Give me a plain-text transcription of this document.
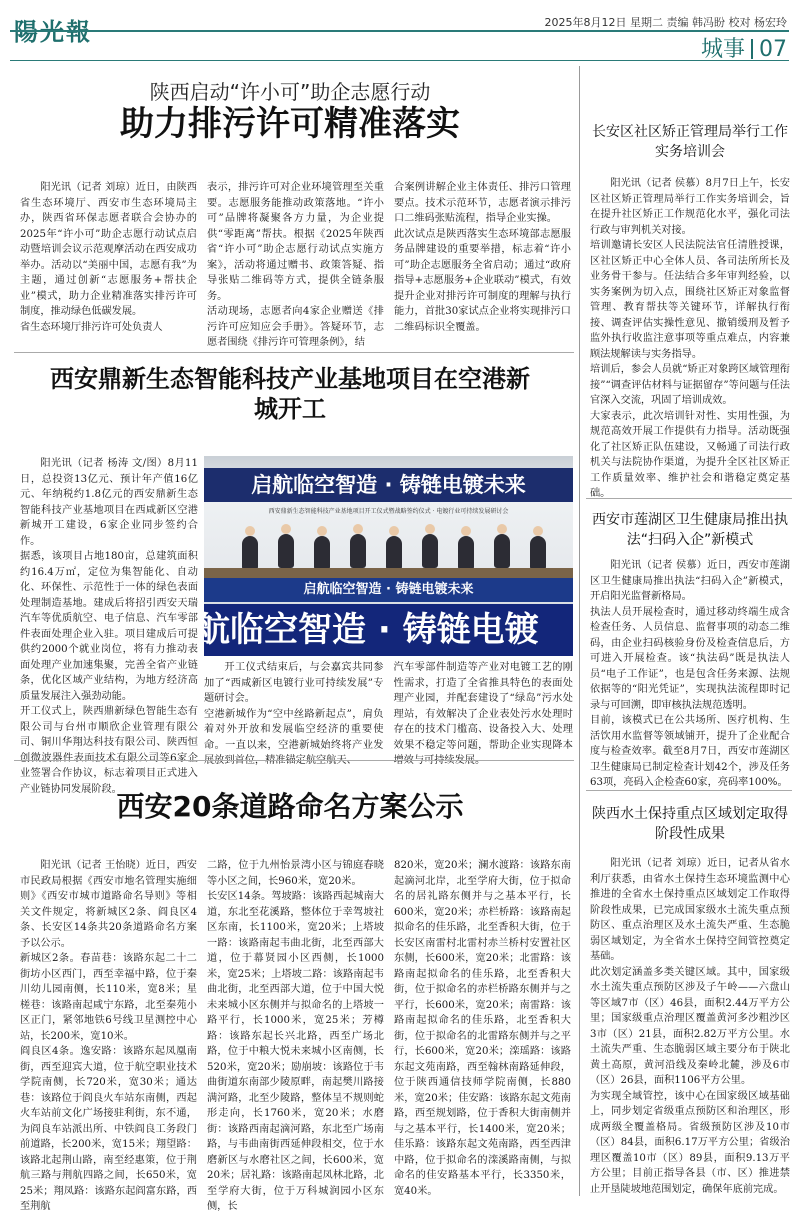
陽光報	2025年8月12日 星期二 责编 韩冯盼 校对 杨宏玲
城事 07
陕西启动“许小可”助企志愿行动
助力排污许可精准落实

阳光讯（记者 刘琼）近日，由陕西省生态环境厅、西安市生态环境局主办，陕西省环保志愿者联合会协办的2025年“许小可”助企志愿行动试点启动暨培训会议示范观摩活动在西安成功举办。活动以“美丽中国，志愿有我”为主题，通过创新“志愿服务+帮扶企业”模式，助力企业精准落实排污许可制度，推动绿色低碳发展。
省生态环境厅排污许可处负责人

表示，排污许可对企业环境管理至关重要。志愿服务能推动政策落地。“许小可”品牌将凝聚各方力量，为企业提供“零距离”帮扶。根据《2025年陕西省“许小可”助企志愿行动试点实施方案》，活动将通过赠书、政策答疑、指导张贴二维码等方式，提供全链条服务。
活动现场，志愿者向4家企业赠送《排污许可应知应会手册》。答疑环节，志愿者围绕《排污许可管理条例》，结

合案例讲解企业主体责任、排污口管理要点。技术示范环节，志愿者演示排污口二维码张贴流程，指导企业实操。
此次试点是陕西落实生态环境部志愿服务品牌建设的重要举措，标志着“许小可”助企志愿服务全省启动；通过“政府指导+志愿服务+企业联动”模式，有效提升企业对排污许可制度的理解与执行能力，首批30家试点企业将实现排污口二维码标识全覆盖。

西安鼎新生态智能科技产业基地项目在空港新城开工

阳光讯（记者 杨涛 文/图）8月11日，总投资13亿元、预计年产值16亿元、年纳税约1.8亿元的西安鼎新生态智能科技产业基地项目在西咸新区空港新城开工建设，6家企业同步签约合作。
据悉，该项目占地180亩，总建筑面积约16.4万㎡，定位为集智能化、自动化、环保性、示范性于一体的绿色表面处理制造基地。建成后将招引西安天瑞汽车等优质航空、电子信息、汽车零部件表面处理企业入驻。项目建成后可提供约2000个就业岗位，将有力推动表面处理产业加速集聚，完善全省产业链条，优化区域产业结构，为地方经济高质量发展注入强劲动能。
开工仪式上，陕西鼎新绿色智能生态有限公司与台州市顺欣企业管理有限公司、铜川华翔达科技有限公司、陕西恒创微波器件表面技术有限公司等6家企业签署合作协议，标志着项目正式进入产业链协同发展阶段。

启航临空智造 · 铸链电镀未来
西安鼎新生态智能科技产业基地项目开工仪式暨战略签约仪式 · 电镀行业可持续发展研讨会
启航临空智造 · 铸链电镀未来
航临空智造 · 铸链电镀

开工仪式结束后，与会嘉宾共同参加了“西咸新区电镀行业可持续发展”专题研讨会。
空港新城作为“空中丝路新起点”，肩负着对外开放和发展临空经济的重要使命。一直以来，空港新城始终将产业发展放到首位，精准锚定航空航天、

汽车零部件制造等产业对电镀工艺的刚性需求，打造了全省推具特色的表面处理产业园，并配套建设了“绿岛”污水处理站，有效解决了企业表处污水处理时存在的技术门槛高、设备投入大、处理效果不稳定等问题，帮助企业实现降本增效与可持续发展。

西安20条道路命名方案公示

阳光讯（记者 王怡晓）近日，西安市民政局根据《西安市地名管理实施细则》《西安市城市道路命名导则》等相关文件规定，将新城区2条、阎良区4条、长安区14条共20条道路命名方案予以公示。
新城区2条。春苗巷：该路东起二十二街坊小区西门，西至幸福中路，位于秦川幼儿园南侧，长110米，宽8米；星槎巷：该路南起咸宁东路，北至秦苑小区正门，紧邻地铁6号线卫星测控中心站，长200米，宽10米。
阎良区4条。逸安路：该路东起凤凰南街，西至迎宾大道，位于航空职业技术学院南侧，长720米，宽30米；通达巷：该路位于阎良火车站东南侧，西起火车站前文化广场接驻利街，东不通，为阎良车站派出所、中铁阎良工务段门前道路，长200米，宽15米；翔望路：该路北起荆山路，南至经惠策，位于荆航三路与荆航四路之间，长650米，宽25米；翔凤路：该路东起阎富东路，西至荆航

二路，位于九州怡景湾小区与锦庭春晓等小区之间，长960米，宽20米。
长安区14条。驾坡路：该路西起城南大道，东北至花溪路，整体位于幸驾坡社区东南，长1100米，宽20米；上塔坡一路：该路南起韦曲北街，北至西部大道，位于幕贤园小区西侧，长1000米，宽25米；上塔坡二路：该路南起韦曲北街，北至西部大道，位于中国大悦未来城小区东侧并与拟命名的上塔坡一路平行，长1000米，宽25米；芳樽路：该路东起长兴北路，西至广场北路，位于中粮大悦未来城小区南侧，长520米，宽20米；励崩坡：该路位于韦曲街道东南部少陵原畔，南起樊川路接满河路，北至少陵路，整体呈不规则蛇形走向，长1760米，宽20米；水磨街：该路西南起滴河路，东北至广场南路，与韦曲南街西延伸段相交，位于水磨新区与水磨社区之间，长600米，宽20米；居礼路：该路南起凤林北路，北至学府大街，位于万科城润园小区东侧，长

820米，宽20米；澜水渡路：该路东南起滴河北岸，北至学府大街，位于拟命名的居礼路东侧并与之基本平行，长600米，宽20米；赤栏桥路：该路南起拟命名的佳乐路，北至香积大街，位于长安区南雷村北雷村赤兰桥村安置社区东侧，长600米，宽20米；北雷路：该路南起拟命名的佳乐路，北至香积大街，位于拟命名的赤栏桥路东侧并与之平行，长600米，宽20米；南雷路：该路南起拟命名的佳乐路，北至香积大街，位于拟命名的北雷路东侧并与之平行，长600米，宽20米；滦瑶路：该路东起文苑南路，西至翰林南路延伸段，位于陕西通信技师学院南侧，长880米，宽20米；佳安路：该路东起文苑南路，西至规划路，位于香积大街南侧并与之基本平行，长1400米，宽20米；佳乐路：该路东起文苑南路，西至西津中路，位于拟命名的滦溪路南侧，与拟命名的佳安路基本平行，长3350米，宽40米。

长安区社区矫正管理局举行工作实务培训会

阳光讯（记者 侯慕）8月7日上午，长安区社区矫正管理局举行工作实务培训会，旨在提升社区矫正工作规范化水平，强化司法行政与审判机关对接。
培训邀请长安区人民法院法官任清胜授课，区社区矫正中心全体人员、各司法所所长及业务骨干参与。任法结合多年审判经验，以实务案例为切入点，围绕社区矫正对象监督管理、教育帮扶等关键环节，详解执行衔接、调查评估实操性意见、撤销缓刑及暂予监外执行收监注意事项等重点难点，内容兼顾法规解读与实务指导。
培训后，参会人员就“矫正对象跨区域管理衔接”“调查评估材料与证据留存”等问题与任法官深入交流，巩固了培训成效。
大家表示，此次培训针对性、实用性强，为规范高效开展工作提供有力指导。活动既强化了社区矫正队伍建设，又畅通了司法行政机关与法院协作渠道，为提升全区社区矫正工作质量效率、维护社会和谐稳定奠定基础。

西安市莲湖区卫生健康局推出执法“扫码入企”新模式

阳光讯（记者 侯慕）近日，西安市莲湖区卫生健康局推出执法“扫码入企”新模式，开启阳光监督新格局。
执法人员开展检查时，通过移动终端生成含检查任务、人员信息、监督事项的动态二维码，由企业扫码核验身份及检查信息后，方可进入开展检查。该“执法码”既是执法人员“电子工作证”，也是包含任务来源、法规依据等的“阳光凭证”，实现执法流程即时记录与可回溯，即审核执法规范透明。
目前，该模式已在公共场所、医疗机构、生活饮用水监督等领域铺开，提升了企业配合度与检查效率。截至8月7日，西安市莲湖区卫生健康局已制定检查计划42个，涉及任务63项，亮码入企检查60家，亮码率100%。

陕西水土保持重点区域划定取得阶段性成果

阳光讯（记者 刘琼）近日，记者从省水利厅获悉，由省水土保持生态环境监测中心推进的全省水土保持重点区域划定工作取得阶段性成果，已完成国家级水土流失重点预防区、重点治理区及水土流失严重、生态脆弱区域划定，为全省水土保持空间管控奠定基础。
此次划定涵盖多类关键区域。其中，国家级水土流失重点预防区涉及子午岭——六盘山等区域7市（区）46县，面积2.44万平方公里；国家级重点治理区覆盖黄河多沙粗沙区3市（区）21县，面积2.82万平方公里。水土流失严重、生态脆弱区域主要分布于陕北黄土高原，黄河沿线及秦岭北麓，涉及6市（区）26县，面积1106平方公里。
为实现全域管控，该中心在国家级区域基础上，同步划定省级重点预防区和治理区，形成两级全覆盖格局。省级预防区涉及10市（区）84县，面积6.17万平方公里；省级治理区覆盖10市（区）89县，面积9.13万平方公里；目前正指导各县（市、区）推进禁止开垦陡坡地范围划定，确保年底前完成。
